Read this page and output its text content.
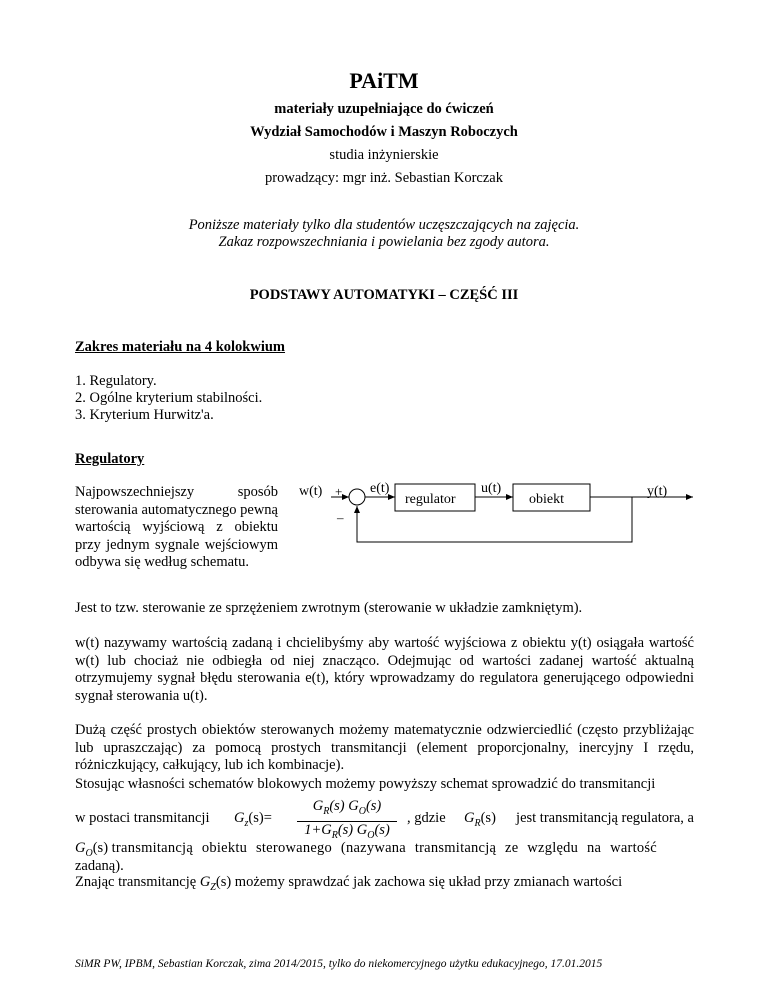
PAiTM
materiały uzupełniające do ćwiczeń
Wydział Samochodów i Maszyn Roboczych
studia inżynierskie
prowadzący: mgr inż. Sebastian Korczak
Poniższe materiały tylko dla studentów uczęszczających na zajęcia.
Zakaz rozpowszechniania i powielania bez zgody autora.
PODSTAWY AUTOMATYKI – CZĘŚĆ III
Zakres materiału na 4 kolokwium
1. Regulatory.
2. Ogólne kryterium stabilności.
3. Kryterium Hurwitz'a.
Regulatory
Najpowszechniejszy sposób sterowania automatycznego pewną wartością wyjściową z obiektu przy jednym sygnale wejściowym odbywa się według schematu.
w(t) +
–
e(t)
regulator
u(t)
obiekt
y(t)
Jest to tzw. sterowanie ze sprzężeniem zwrotnym (sterowanie w układzie zamkniętym).
w(t) nazywamy wartością zadaną i chcielibyśmy aby wartość wyjściowa z obiektu y(t) osiągała wartość w(t) lub chociaż nie odbiegła od niej znacząco. Odejmując od wartości zadanej wartość aktualną otrzymujemy sygnał błędu sterowania e(t), który wprowadzamy do regulatora generującego odpowiedni sygnał sterowania u(t).
Dużą część prostych obiektów sterowanych możemy matematycznie odzwierciedlić (często przybliżając lub upraszczając) za pomocą prostych transmitancji (element proporcjonalny, inercyjny I rzędu, różniczkujący, całkujący, lub ich kombinacje).
Stosując własności schematów blokowych możemy powyższy schemat sprowadzić do transmitancji
w postaci transmitancji $G_z(s)= \frac{G_R(s) G_O(s)}{1+G_R(s) G_O(s)}$ , gdzie $G_R(s)$ jest transmitancją regulatora, a
$G_O(s)$ transmitancją obiektu sterowanego (nazywana transmitancją ze względu na wartość
zadaną).
Znając transmitancję $G_Z(s)$ możemy sprawdzać jak zachowa się układ przy zmianach wartości
SiMR PW, IPBM, Sebastian Korczak, zima 2014/2015, tylko do niekomercyjnego użytku edukacyjnego, 17.01.2015
